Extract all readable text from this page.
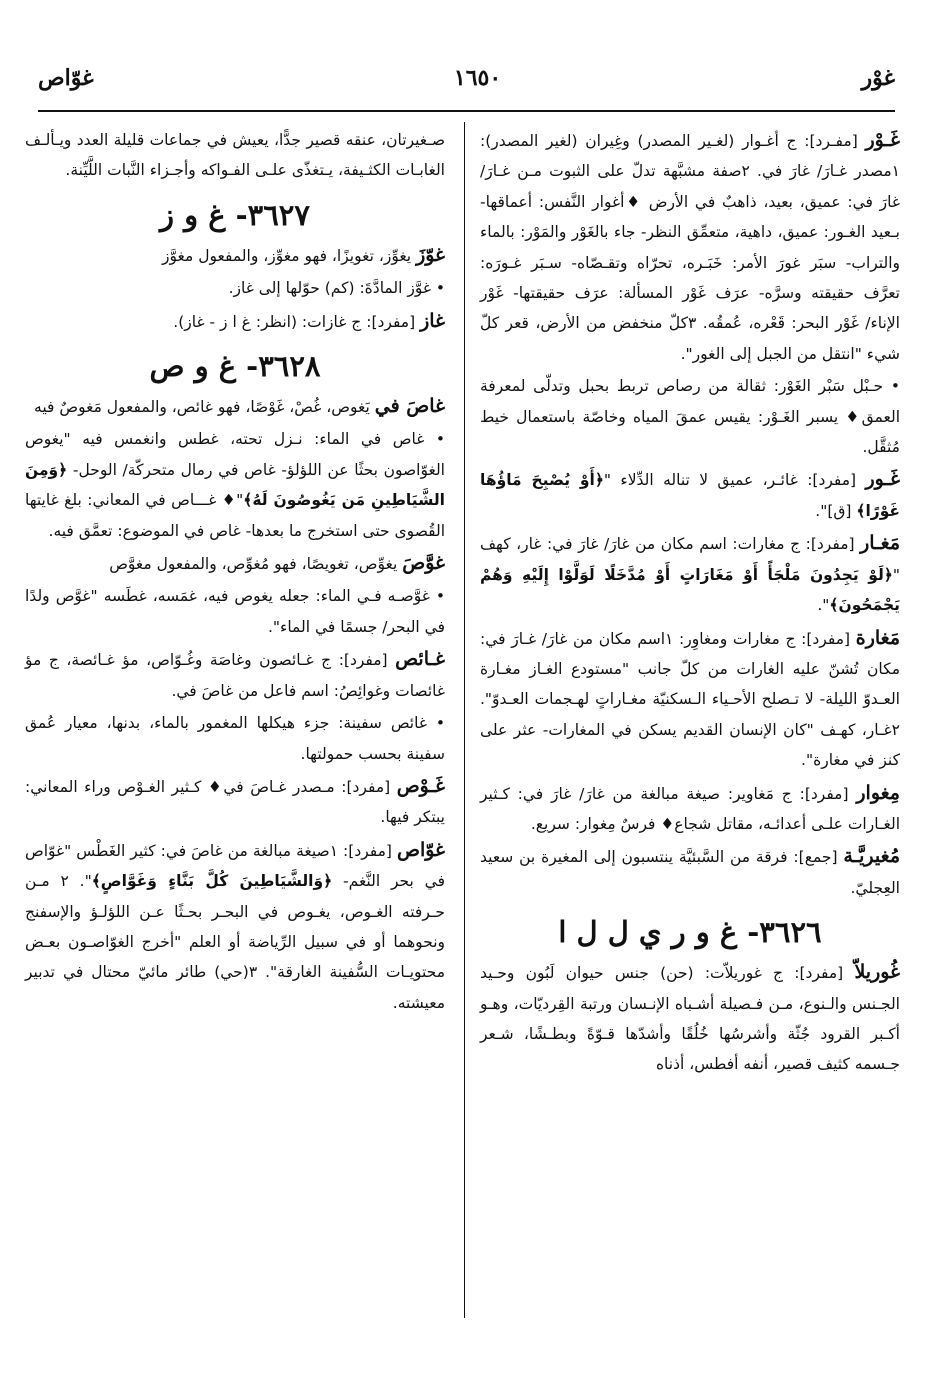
غوّاص	١٦٥٠	غوْر

غَـوْر [مفـرد]: ج أغـوار (لغـير المصدر) وغِيران (لغير المصدر): ١مصدر غـارَ/ غارَ في. ٢صفة مشبَّهة تدلّ على الثبوت مـن غـارَ/ غارَ في: عميق، بعيد، ذاهبٌ في الأرض ♦أغوار النَّفس: أعماقها- بـعيد الغـور: عميق، داهية، متعمِّق النظر- جاء بالغَوْر والمَوْر: بالماء والتراب- سبَر غورَ الأمر: خَبَـره، تحرّاه وتقـصّاه- سـبَر غـورَه: تعرَّف حقيقته وسرَّه- عرَف غَوْر المسألة: عرَف حقيقتها- غَوْر الإناء/ غَوْر البحر: قَعْره، عُمقُه. ٣كلّ منخفض من الأرض، قعر كلّ شيء "انتقل من الجبل إلى الغور".

• حـبْل سَبْر الغَوْر: ثقالة من رصاص تربط بحبل وتدلّى لمعرفة العمق♦ يسبر الغَـوْر: يقيس عمقَ المياه وخاصّة باستعمال خيط مُثقَّل.

غَـور [مفرد]: غائـر، عميق لا تناله الدِّلاء "﴿أَوْ يُصْبِحَ مَاؤُهَا غَوْرًا﴾ [ق]".

مَغـار [مفرد]: ج مغارات: اسم مكان من غارَ/ غارَ في: غار، كهف "﴿لَوْ يَجِدُونَ مَلْجَأً أَوْ مَغَارَاتٍ أَوْ مُدَّخَلًا لَوَلَّوْا إِلَيْهِ وَهُمْ يَجْمَحُونَ﴾".

مَغارة [مفرد]: ج مغارات ومغاوِر: ١اسم مكان من غارَ/ غـارَ في: مكان تُشنّ عليه الغارات من كلّ جانب "مستودع الغـاز مغـارة العـدوّ الليلة- لا تـصلح الأحـياء الـسكنيّة مغـاراتٍ لهـجمات العـدوّ". ٢غـار، كهـف "كان الإنسان القديم يسكن في المغارات- عثر على كنز في مغارة".

مِغوار [مفرد]: ج مَغاوير: صيغة مبالغة من غارَ/ غارَ في: كـثير الغـارات علـى أعدائـه، مقاتل شجاع♦ فرسٌ مِغوار: سريع.

مُغيريَّـة [جمع]: فرقة من السَّبئيَّة ينتسبون إلى المغيرة بن سعيد العِجليّ.

٣٦٢٦- غ و ر ي ل ل ا

غُوريلاّ [مفرد]: ج غوريلاّت: (حن) جنس حيوان لَبُون وحـيد الجـنس والـنوع، مـن فـصيلة أشـباه الإنـسان ورتبة القِرديّات، وهـو أكـبر القرود جُثّة وأشرسُها خُلُقًا وأشدّها قـوّةً وبطـشًا، شـعر جـسمه كثيف قصير، أنفه أفطس، أذناه

صـغيرتان، عنقه قصير جدًّا، يعيش في جماعات قليلة العدد ويـألـف الغابـات الكثـيفة، يـتغذّى علـى الفـواكه وأجـزاء النَّبات اللَّيِّنة.

٣٦٢٧- غ و ز

غوّزَ يغوِّز، تغويزًا، فهو مغوِّز، والمفعول مغوَّز

• غوَّز المادَّةَ: (كم) حوّلها إلى غاز.

غاز [مفرد]: ج غازات: (انظر: غ ا ز - غاز).

٣٦٢٨- غ و ص

غاصَ في يَغوص، غُصْ، غَوْصًا، فهو غائص، والمفعول مَغوصٌ فيه

• غاص في الماء: نـزل تحته، غطس وانغمس فيه "يغوص الغوّاصون بحثًا عن اللؤلؤ- غاص في رمال متحركّة/ الوحل- ﴿وَمِنَ الشَّيَاطِينِ مَن يَغُوصُونَ لَهُ﴾"♦ غـــاص في المعاني: بلغ غايتها القُصوى حتى استخرج ما بعدها- غاص في الموضوع: تعمَّق فيه.

غوَّصَ يغوِّص، تغويصًا، فهو مُغوِّص، والمفعول مغوَّص

• غوَّصـه فـي الماء: جعله يغوص فيه، غمَسه، غطَسه "غوَّص ولدًا في البحر/ جسمًا في الماء".

غـائص [مفرد]: ج غـائصون وغاصَة وغُـوّاص، مؤ غـائصة، ج مؤ غائصات وغوائِصُ: اسم فاعل من غاصَ في.

• غائص سفينة: جزء هيكلها المغمور بالماء، بدنها، معيار عُمق سفينة بحسب حمولتها.

غَـوْص [مفرد]: مـصدر غـاصَ في♦ كـثير الغـوْص وراء المعاني: يبتكر فيها.

غوّاص [مفرد]: ١صيغة مبالغة من غاصَ في: كثير الغَطْس "غوّاص في بحر النَّغم- ﴿وَالشَّيَاطِينَ كُلَّ بَنَّاءٍ وَغَوَّاصٍ﴾". ٢ مـن حـرفته الغـوص، يغـوص في البحـر بحـثًا عـن اللؤلـؤ والإسفنج ونحوهما أو في سبيل الرِّياضة أو العلم "أخرج الغوّاصـون بعـض محتويـات السُّفينة الغارقة". ٣(حي) طائر مائيّ محتال في تدبير معيشته.
